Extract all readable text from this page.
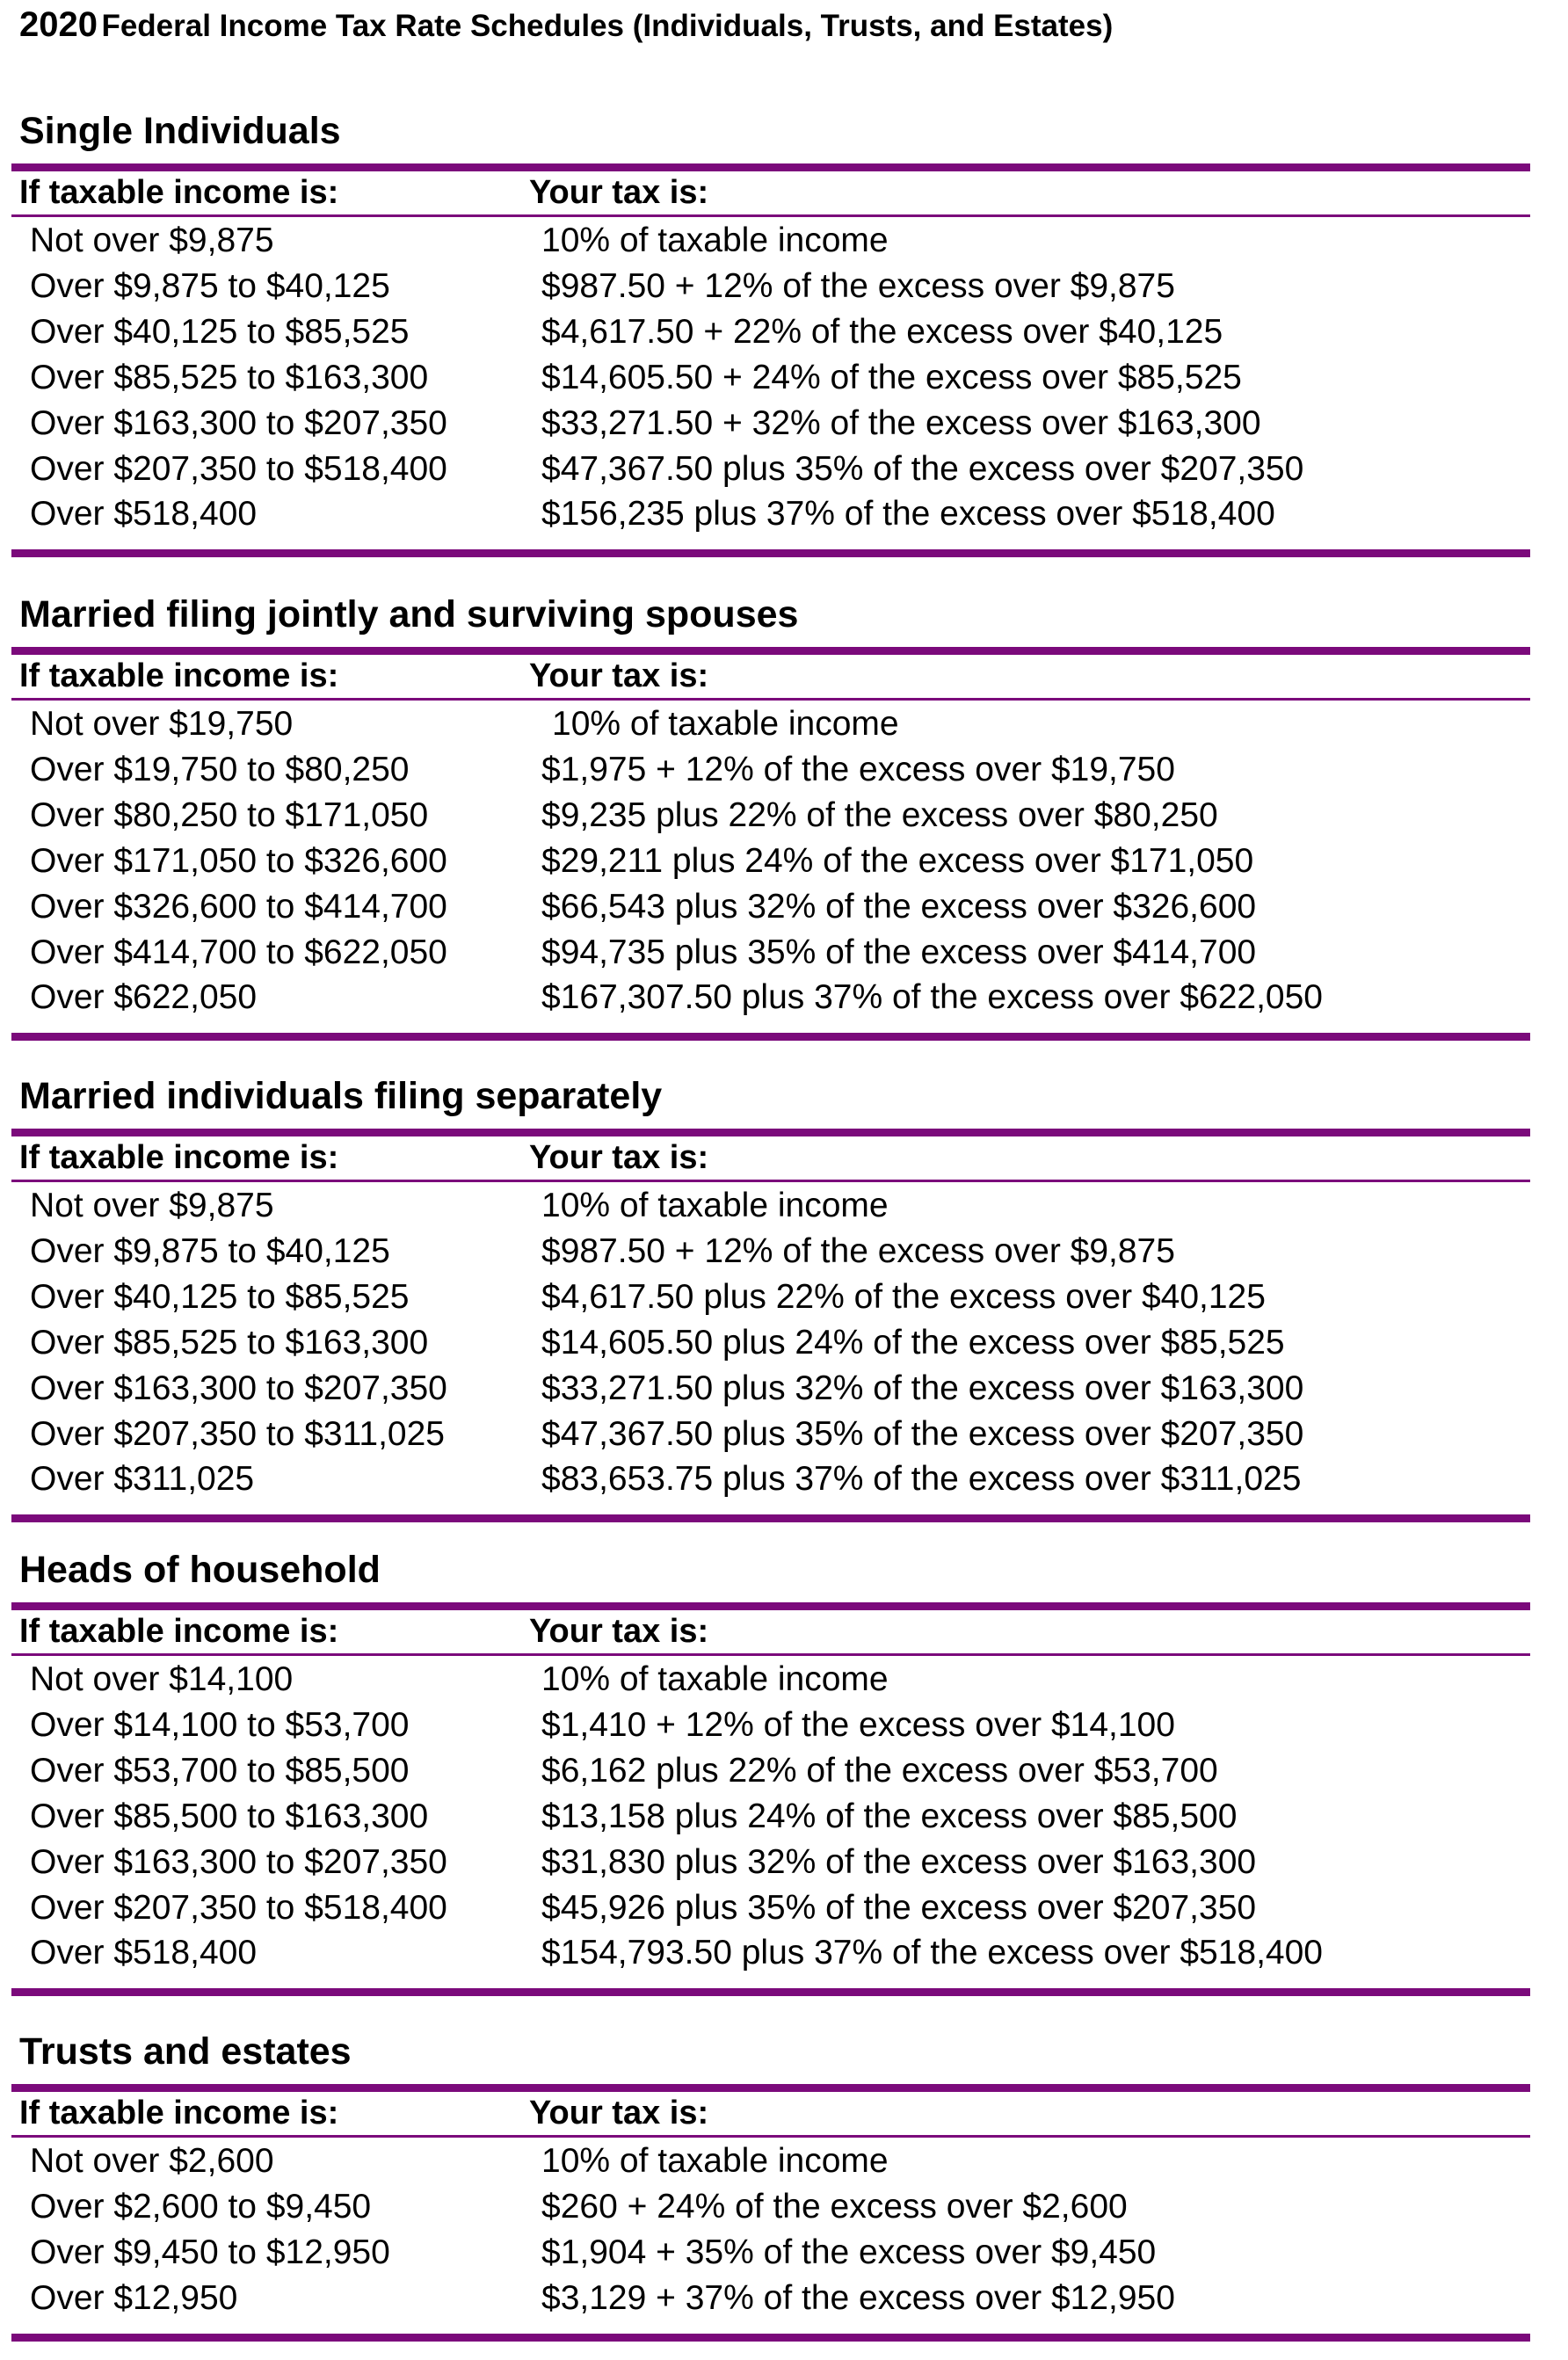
2020 Federal Income Tax Rate Schedules (Individuals, Trusts, and Estates)
Single Individuals
If taxable income is:	Your tax is:
Not over $9,875	10% of taxable income
Over $9,875 to $40,125	$987.50 + 12% of the excess over $9,875
Over $40,125 to $85,525	$4,617.50 + 22% of the excess over $40,125
Over $85,525 to $163,300	$14,605.50 + 24% of the excess over $85,525
Over $163,300 to $207,350	$33,271.50 + 32% of the excess over $163,300
Over $207,350 to $518,400	$47,367.50 plus 35% of the excess over $207,350
Over $518,400	$156,235 plus 37% of the excess over $518,400
Married filing jointly and surviving spouses
If taxable income is:	Your tax is:
Not over $19,750	10% of taxable income
Over $19,750 to $80,250	$1,975 + 12% of the excess over $19,750
Over $80,250 to $171,050	$9,235 plus 22% of the excess over $80,250
Over $171,050 to $326,600	$29,211 plus 24% of the excess over $171,050
Over $326,600 to $414,700	$66,543 plus 32% of the excess over $326,600
Over $414,700 to $622,050	$94,735 plus 35% of the excess over $414,700
Over $622,050	$167,307.50 plus 37% of the excess over $622,050
Married individuals filing separately
If taxable income is:	Your tax is:
Not over $9,875	10% of taxable income
Over $9,875 to $40,125	$987.50 + 12% of the excess over $9,875
Over $40,125 to $85,525	$4,617.50 plus 22% of the excess over $40,125
Over $85,525 to $163,300	$14,605.50 plus 24% of the excess over $85,525
Over $163,300 to $207,350	$33,271.50 plus 32% of the excess over $163,300
Over $207,350 to $311,025	$47,367.50 plus 35% of the excess over $207,350
Over $311,025	$83,653.75 plus 37% of the excess over $311,025
Heads of household
If taxable income is:	Your tax is:
Not over $14,100	10% of taxable income
Over $14,100 to $53,700	$1,410 + 12% of the excess over $14,100
Over $53,700 to $85,500	$6,162 plus 22% of the excess over $53,700
Over $85,500 to $163,300	$13,158 plus 24% of the excess over $85,500
Over $163,300 to $207,350	$31,830 plus 32% of the excess over $163,300
Over $207,350 to $518,400	$45,926 plus 35% of the excess over $207,350
Over $518,400	$154,793.50 plus 37% of the excess over $518,400
Trusts and estates
If taxable income is:	Your tax is:
Not over $2,600	10% of taxable income
Over $2,600 to $9,450	$260 + 24% of the excess over $2,600
Over $9,450 to $12,950	$1,904 + 35% of the excess over $9,450
Over $12,950	$3,129 + 37% of the excess over $12,950
